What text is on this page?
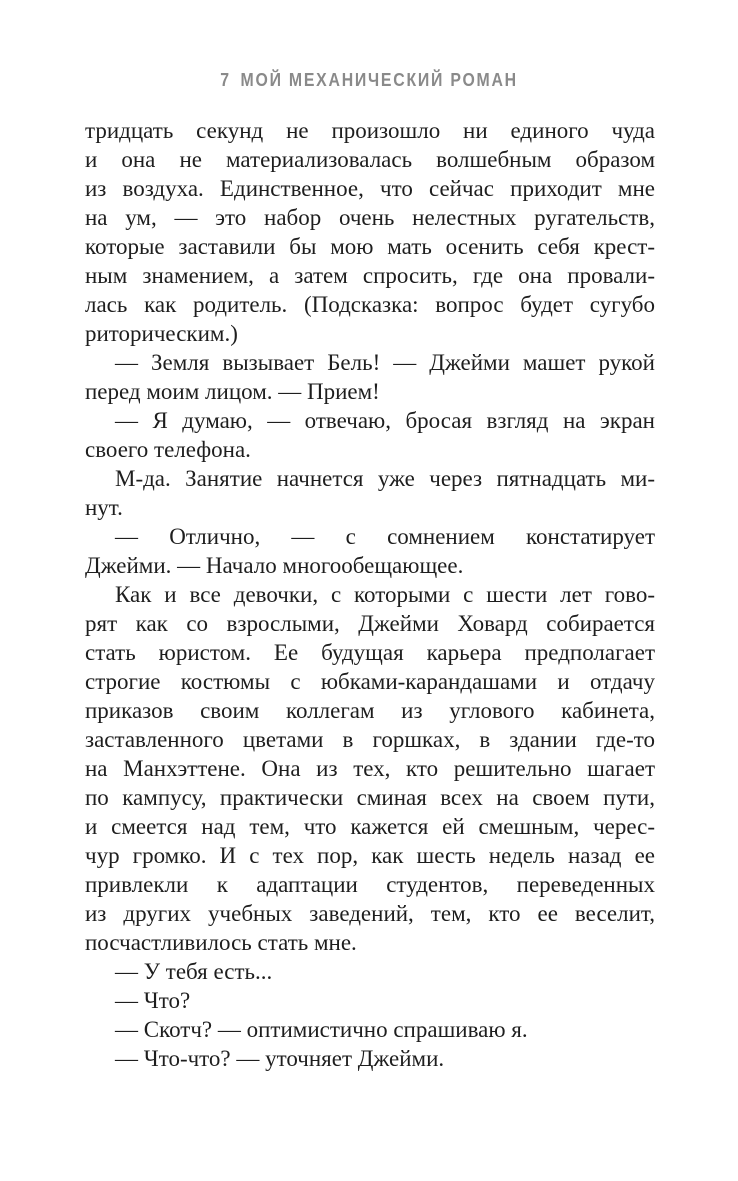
7 МОЙ МЕХАНИЧЕСКИЙ РОМАН
тридцать секунд не произошло ни единого чуда
и она не материализовалась волшебным образом
из воздуха. Единственное, что сейчас приходит мне
на ум, — это набор очень нелестных ругательств,
которые заставили бы мою мать осенить себя крест-
ным знамением, а затем спросить, где она провали-
лась как родитель. (Подсказка: вопрос будет сугубо
риторическим.)
— Земля вызывает Бель! — Джейми машет рукой
перед моим лицом. — Прием!
— Я думаю, — отвечаю, бросая взгляд на экран
своего телефона.
М-да. Занятие начнется уже через пятнадцать ми-
нут.
— Отлично, — с сомнением констатирует
Джейми. — Начало многообещающее.
Как и все девочки, с которыми с шести лет гово-
рят как со взрослыми, Джейми Ховард собирается
стать юристом. Ее будущая карьера предполагает
строгие костюмы с юбками-карандашами и отдачу
приказов своим коллегам из углового кабинета,
заставленного цветами в горшках, в здании где-то
на Манхэттене. Она из тех, кто решительно шагает
по кампусу, практически сминая всех на своем пути,
и смеется над тем, что кажется ей смешным, черес-
чур громко. И с тех пор, как шесть недель назад ее
привлекли к адаптации студентов, переведенных
из других учебных заведений, тем, кто ее веселит,
посчастливилось стать мне.
— У тебя есть...
— Что?
— Скотч? — оптимистично спрашиваю я.
— Что-что? — уточняет Джейми.
